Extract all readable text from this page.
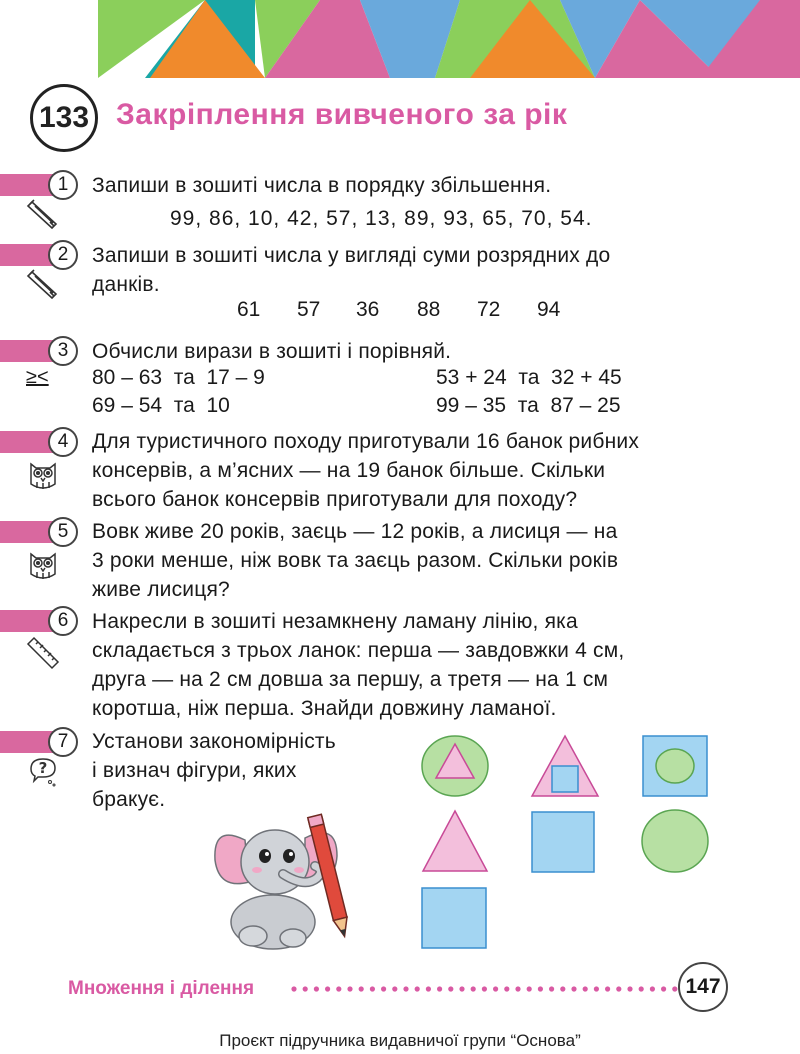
133 Закріплення вивченого за рік
1	Запиши в зошиті числа в порядку збільшення.
99, 86, 10, 42, 57, 13, 89, 93, 65, 70, 54.
2	Запиши в зошиті числа у вигляді суми розрядних до
данків.
61 57 36 88 72 94
3
≥<
Обчисли вирази в зошиті і порівняй.
80 – 63  та  17 – 9	53 + 24  та  32 + 45
69 – 54  та  10	99 – 35  та  87 – 25
4	Для туристичного походу приготували 16 банок рибних
консервів, а м’ясних — на 19 банок більше. Скільки
всього банок консервів приготували для походу?
5	Вовк живе 20 років, заєць — 12 років, а лисиця — на
3 роки менше, ніж вовк та заєць разом. Скільки років
живе лисиця?
6	Накресли в зошиті незамкнену ламану лінію, яка
складається з трьох ланок: перша — завдовжки 4 см,
друга — на 2 см довша за першу, а третя — на 1 см
коротша, ніж перша. Знайди довжину ламаної.
7
?
Установи закономірність
і визнач фігури, яких
бракує.
Множення і ділення	147
Проєкт підручника видавничої групи “Основа”
